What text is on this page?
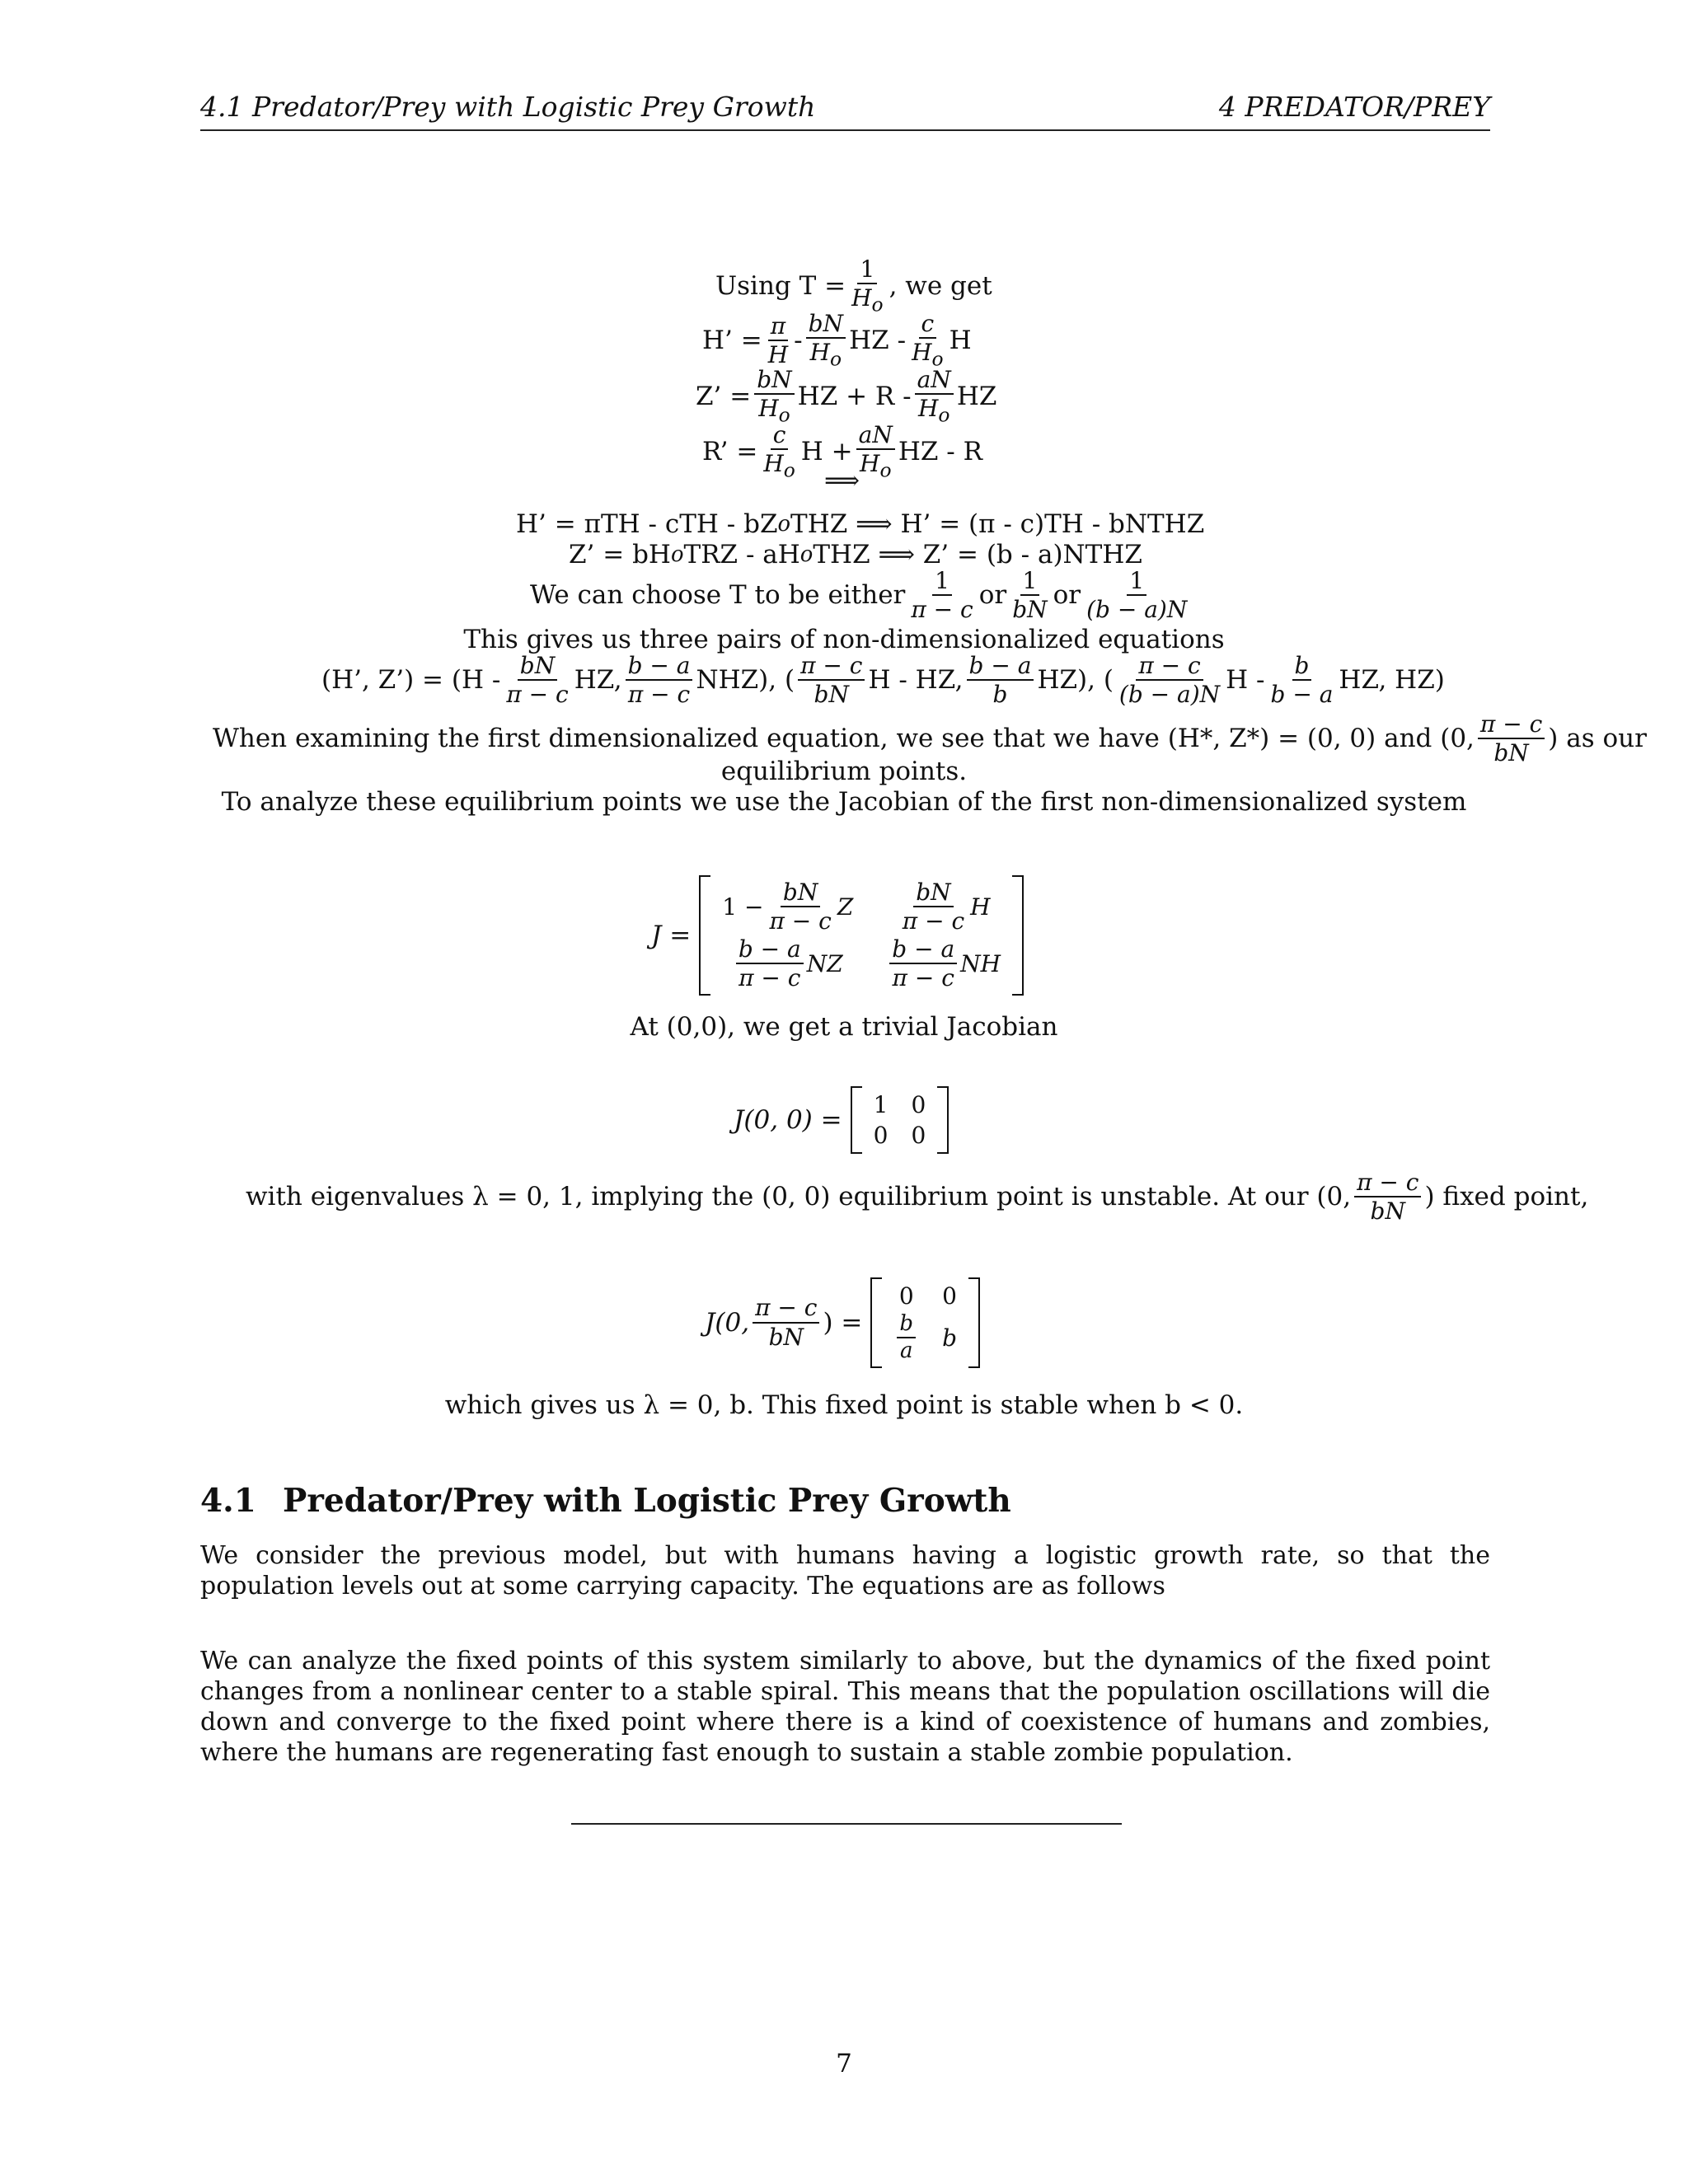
4.1 Predator/Prey with Logistic Prey Growth	4 PREDATOR/PREY
Using $T = \frac{1}{H_o}$ , we get
H’ = $\frac{\pi}{H} - \frac{bN}{H_o}$ HZ - $\frac{c}{H_o}$ H
Z’ = $\frac{bN}{H_o}$ HZ + R - $\frac{aN}{H_o}$ HZ
R’ = $\frac{c}{H_o}$ $H + \frac{aN}{H_o}$ HZ - R
⟹
H’ = πTH - cTH - bZ o THZ ⟹ H’ = (π - c)TH - bNTHZ
Z’ = bH o TRZ - aH o THZ ⟹ Z’ = (b - a)NTHZ
We can choose T to be either $\frac{1}{\pi - c}$ or $\frac{1}{bN}$ or $\frac{1}{(b - a)N}$
This gives us three pairs of non-dimensionalized equations
(H’, Z’) = ($H - \frac{bN}{\pi - c}$ HZ, $\frac{b - a}{\pi - c} NHZ$), ( $\frac{\pi - c}{bN}$ H - HZ, $\frac{b - a}{b} HZ$), ( $\frac{\pi - c}{(b - a)N}$ H - $\frac{b}{b - a}$ HZ, HZ)
When examining the first dimensionalized equation, we see that we have (H*, Z*) = (0, 0) and (0, $\frac{\pi - c}{bN}$ ) as our
equilibrium points.
To analyze these equilibrium points we use the Jacobian of the first non-dimensionalized system
J =
$1 - \frac{bN}{\pi - c}$ Z $\frac{bN}{\pi - c}$ H
$\frac{b - a}{\pi - c}$ NZ $\frac{b - a}{\pi - c}$ NH
At (0,0), we get a trivial Jacobian
J(0, 0) =
1 0
0 0
with eigenvalues λ = 0, 1, implying the (0, 0) equilibrium point is unstable. At our (0, $\frac{\pi - c}{bN}$ ) fixed point,
J(0, $\frac{\pi - c}{bN}$ ) =
0 0
$\frac{b}{a}$ b
which gives us λ = 0, b. This fixed point is stable when b < 0.
4.1 Predator/Prey with Logistic Prey Growth
We consider the previous model, but with humans having a logistic growth rate, so that the population levels out at some carrying capacity. The equations are as follows
We can analyze the fixed points of this system similarly to above, but the dynamics of the fixed point changes from a nonlinear center to a stable spiral. This means that the population oscillations will die down and converge to the fixed point where there is a kind of coexistence of humans and zombies, where the humans are regenerating fast enough to sustain a stable zombie population.
7
